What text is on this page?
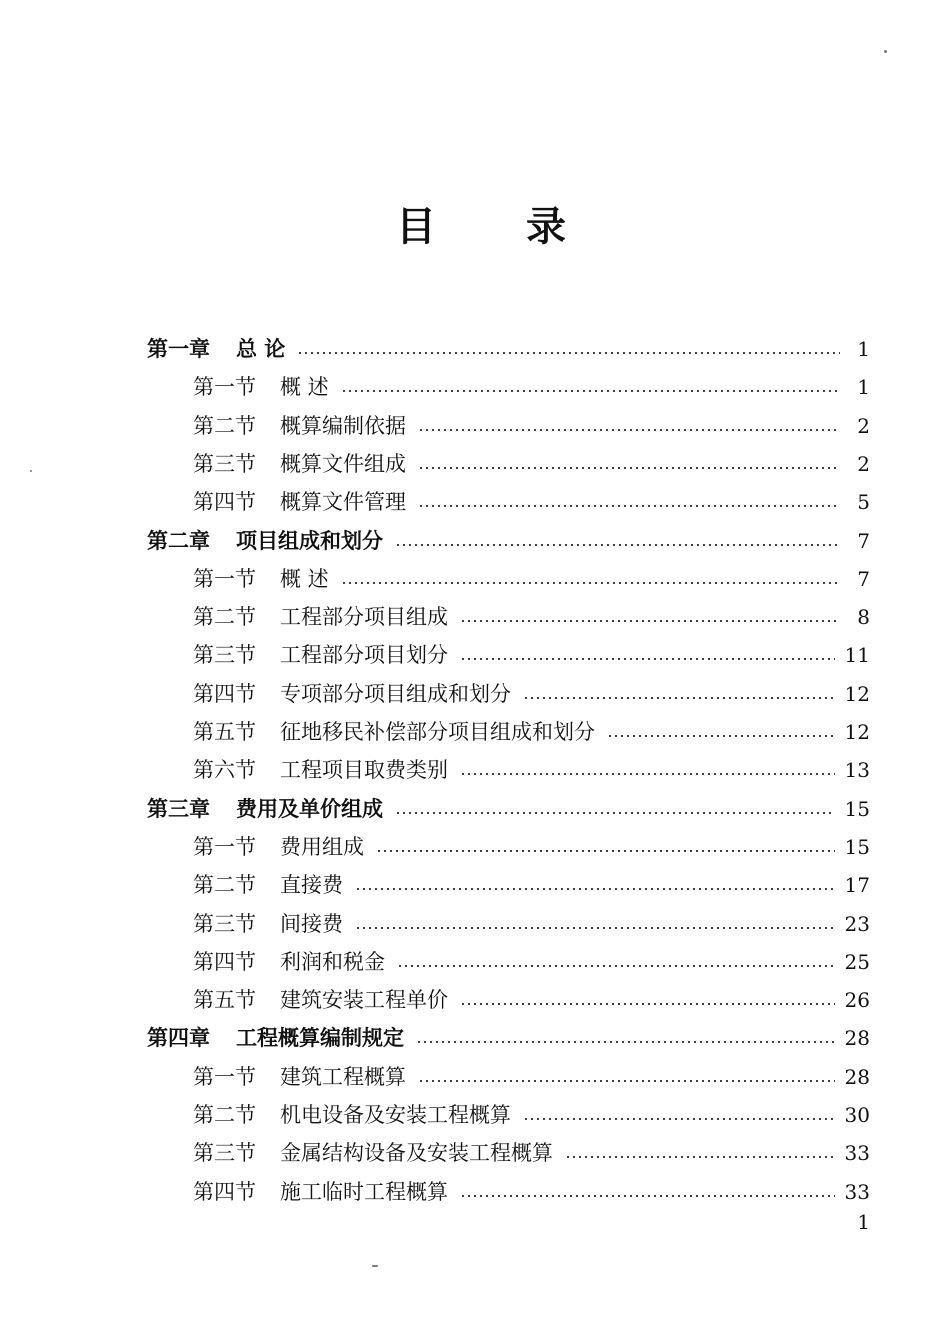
目 录
第一章 总 论	1
第一节 概 述	1
第二节 概算编制依据	2
第三节 概算文件组成	2
第四节 概算文件管理	5
第二章 项目组成和划分	7
第一节 概 述	7
第二节 工程部分项目组成	8
第三节 工程部分项目划分	11
第四节 专项部分项目组成和划分	12
第五节 征地移民补偿部分项目组成和划分	12
第六节 工程项目取费类别	13
第三章 费用及单价组成	15
第一节 费用组成	15
第二节 直接费	17
第三节 间接费	23
第四节 利润和税金	25
第五节 建筑安装工程单价	26
第四章 工程概算编制规定	28
第一节 建筑工程概算	28
第二节 机电设备及安装工程概算	30
第三节 金属结构设备及安装工程概算	33
第四节 施工临时工程概算	33
1
